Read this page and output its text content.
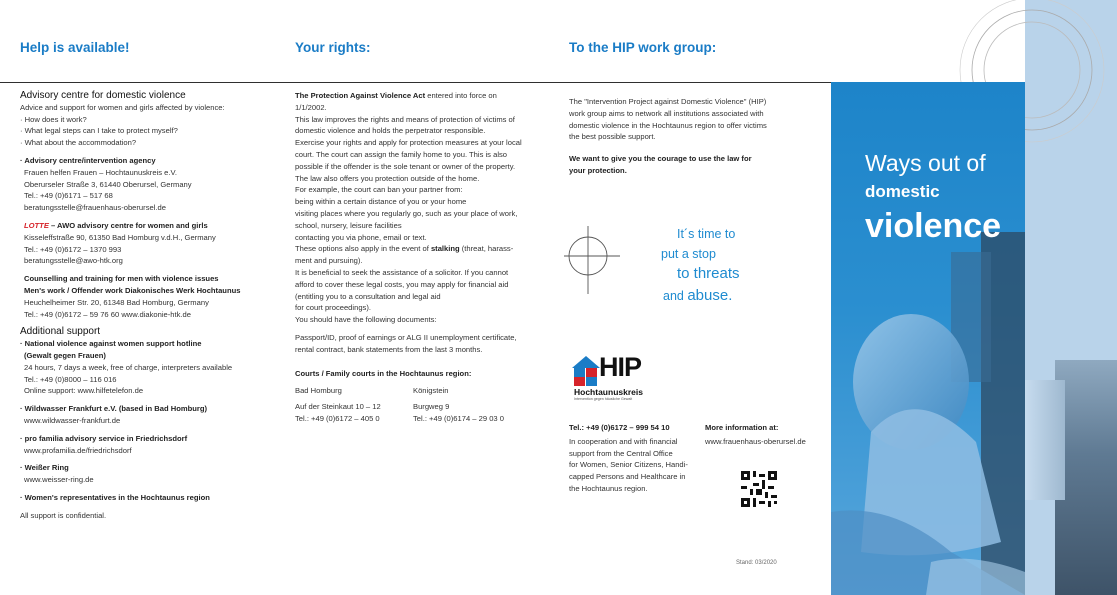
Help is available!	Your rights:	To the HIP work group:

Advisory centre for domestic violence

Advice and support for women and girls affected by violence:

· How does it work?

· What legal steps can I take to protect myself?

· What about the accommodation?

· Advisory centre/intervention agency

Frauen helfen Frauen – Hochtaunuskreis e.V.

Oberurseler Straße 3, 61440 Oberursel, Germany

Tel.: +49 (0)6171 – 517 68

beratungsstelle@frauenhaus-oberursel.de

LOTTE – AWO advisory centre for women and girls

Kisseleffstraße 90, 61350 Bad Homburg v.d.H., Germany

Tel.: +49 (0)6172 – 1370 993

beratungsstelle@awo-htk.org

Counselling and training for men with violence issues

Men's work / Offender work Diakonisches Werk Hochtaunus

Heuchelheimer Str. 20, 61348 Bad Homburg, Germany

Tel.: +49 (0)6172 – 59 76 60 www.diakonie-htk.de

Additional support

· National violence against women support hotline

(Gewalt gegen Frauen)

24 hours, 7 days a week, free of charge, interpreters available

Tel.: +49 (0)8000 – 116 016

Online support: www.hilfetelefon.de

· Wildwasser Frankfurt e.V. (based in Bad Homburg)

www.wildwasser-frankfurt.de

· pro familia advisory service in Friedrichsdorf

www.profamilia.de/friedrichsdorf

· Weißer Ring

www.weisser-ring.de

· Women's representatives in the Hochtaunus region

All support is confidential.

The Protection Against Violence Act entered into force on

1/1/2002.

This law improves the rights and means of protection of victims of

domestic violence and holds the perpetrator responsible.

Exercise your rights and apply for protection measures at your local

court. The court can assign the family home to you. This is also

possible if the offender is the sole tenant or owner of the property.

The law also offers you protection outside of the home.

For example, the court can ban your partner from:

being within a certain distance of you or your home

visiting places where you regularly go, such as your place of work,

school, nursery, leisure facilities

contacting you via phone, email or text.

These options also apply in the event of stalking (threat, harass-

ment and pursuing).

It is beneficial to seek the assistance of a solicitor. If you cannot

afford to cover these legal costs, you may apply for financial aid

(entitling you to a consultation and legal aid

for court proceedings).

You should have the following documents:

Passport/ID, proof of earnings or ALG II unemployment certificate,

rental contract, bank statements from the last 3 months.

Courts / Family courts in the Hochtaunus region:

Bad Homburg

Auf der Steinkaut 10 – 12

Tel.: +49 (0)6172 – 405 0

Königstein

Burgweg 9

Tel.: +49 (0)6174 – 29 03 0

The "Intervention Project against Domestic Violence" (HIP)

work group aims to network all institutions associated with

domestic violence in the Hochtaunus region to offer victims

the best possible support.

We want to give you the courage to use the law for

your protection.

It´s time to
put a stop
to threats
and abuse.
HIP
Hochtaunuskreis
Intervention gegen häusliche Gewalt

Tel.: +49 (0)6172 – 999 54 10

In cooperation and with financial

support from the Central Office

for Women, Senior Citizens, Handi-

capped Persons and Healthcare in

the Hochtaunus region.

More information at:

www.frauenhaus-oberursel.de

Stand: 03/2020
Ways out of
domestic
violence
